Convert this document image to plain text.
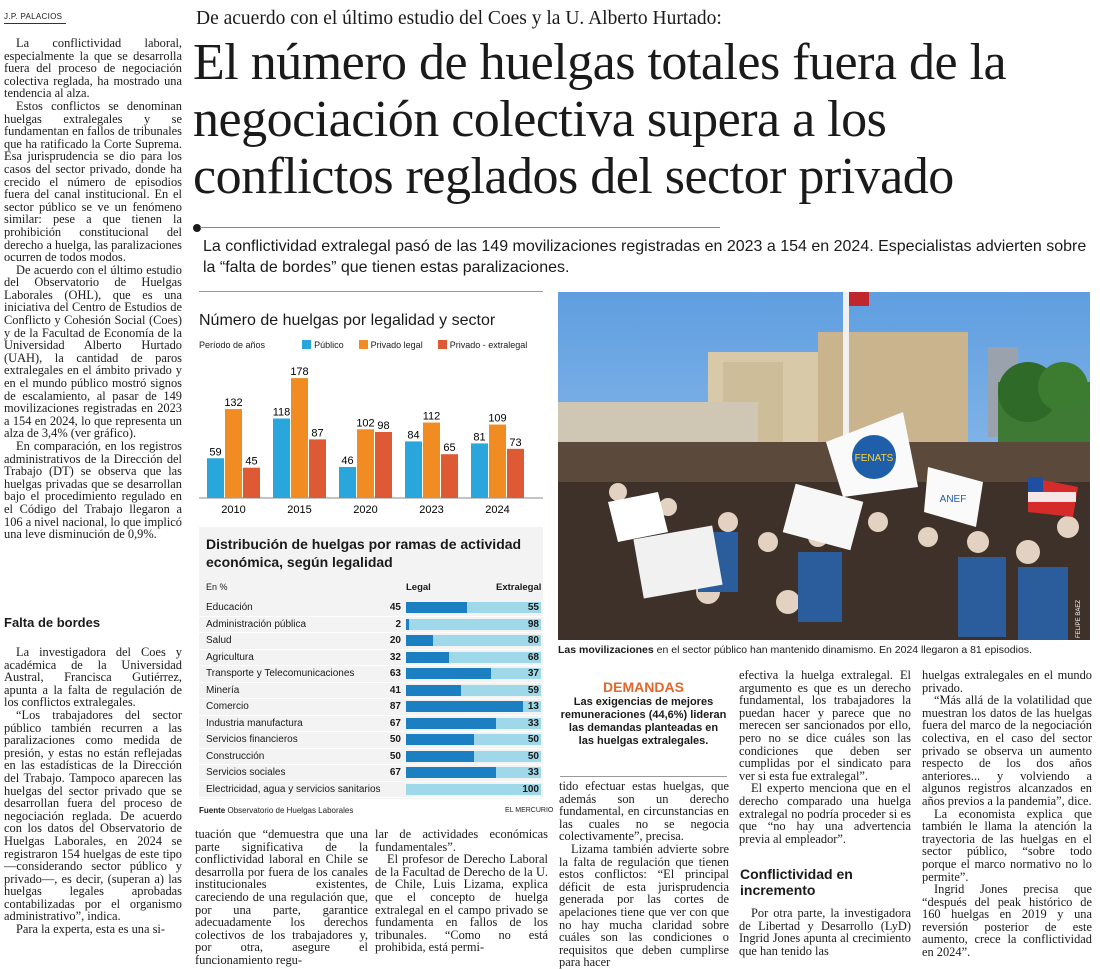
J.P. PALACIOS

La conflictividad laboral, especialmente la que se desarrolla fuera del proceso de negociación colectiva reglada, ha mostrado una tendencia al alza.

Estos conflictos se denominan huelgas extralegales y se fundamentan en fallos de tribunales que ha ratificado la Corte Suprema. Esa jurisprudencia se dio para los casos del sector privado, donde ha crecido el número de episodios fuera del canal institucional. En el sector público se ve un fenómeno similar: pese a que tienen la prohibición constitucional del derecho a huelga, las paralizaciones ocurren de todos modos.

De acuerdo con el último estudio del Observatorio de Huelgas Laborales (OHL), que es una iniciativa del Centro de Estudios de Conflicto y Cohesión Social (Coes) y de la Facultad de Economía de la Universidad Alberto Hurtado (UAH), la cantidad de paros extralegales en el ámbito privado y en el mundo público mostró signos de escalamiento, al pasar de 149 movilizaciones registradas en 2023 a 154 en 2024, lo que representa un alza de 3,4% (ver gráfico).

En comparación, en los registros administrativos de la Dirección del Trabajo (DT) se observa que las huelgas privadas que se desarrollan bajo el procedimiento regulado en el Código del Trabajo llegaron a 106 a nivel nacional, lo que implicó una leve disminución de 0,9%.

Falta de bordes

La investigadora del Coes y académica de la Universidad Austral, Francisca Gutiérrez, apunta a la falta de regulación de los conflictos extralegales.

“Los trabajadores del sector público también recurren a las paralizaciones como medida de presión, y estas no están reflejadas en las estadísticas de la Dirección del Trabajo. Tampoco aparecen las huelgas del sector privado que se desarrollan fuera del proceso de negociación reglada. De acuerdo con los datos del Observatorio de Huelgas Laborales, en 2024 se registraron 154 huelgas de este tipo —considerando sector público y privado—, es decir, (superan a) las huelgas legales aprobadas contabilizadas por el organismo administrativo”, indica.

Para la experta, esta es una si-

De acuerdo con el último estudio del Coes y la U. Alberto Hurtado:
El número de huelgas totales fuera de la negociación colectiva supera a los conflictos reglados del sector privado
La conflictividad extralegal pasó de las 149 movilizaciones registradas en 2023 a 154 en 2024. Especialistas advierten sobre la “falta de bordes” que tienen estas paralizaciones.
Número de huelgas por legalidad y sector
Período de años	Público	Privado legal	Privado - extralegal
59
132
45
2010
118
178
87
2015
46
102 98
2020
84
112
65
2023
81
109
73
2024
Distribución de huelgas por ramas de actividad económica, según legalidad
En %	Legal	Extralegal
Educación	45	55
Administración pública	2	98
Salud	20	80
Agricultura	32	68
Transporte y Telecomunicaciones	63	37
Minería	41	59
Comercio	87	13
Industria manufactura	67	33
Servicios financieros	50	50
Construcción	50	50
Servicios sociales	67	33
Electricidad, agua y servicios sanitarios	100
Fuente Observatorio de Huelgas Laborales	EL MERCURIO
FENATS
ANEF
FELIPE BAEZ
Las movilizaciones en el sector público han mantenido dinamismo. En 2024 llegaron a 81 episodios.
DEMANDAS
Las exigencias de mejores remuneraciones (44,6%) lideran las demandas planteadas en las huelgas extralegales.

tuación que “demuestra que una parte significativa de la conflictividad laboral en Chile se desarrolla por fuera de los canales institucionales existentes, careciendo de una regulación que, por una parte, garantice adecuadamente los derechos colectivos de los trabajadores y, por otra, asegure el funcionamiento regu-

lar de actividades económicas fundamentales”.

El profesor de Derecho Laboral de la Facultad de Derecho de la U. de Chile, Luis Lizama, explica que el concepto de huelga extralegal en el campo privado se fundamenta en fallos de los tribunales. “Como no está prohibida, está permi-

tido efectuar estas huelgas, que además son un derecho fundamental, en circunstancias en las cuales no se negocia colectivamente”, precisa.

Lizama también advierte sobre la falta de regulación que tienen estos conflictos: “El principal déficit de esta jurisprudencia generada por las cortes de apelaciones tiene que ver con que no hay mucha claridad sobre cuáles son las condiciones o requisitos que deben cumplirse para hacer

efectiva la huelga extralegal. El argumento es que es un derecho fundamental, los trabajadores la puedan hacer y parece que no merecen ser sancionados por ello, pero no se dice cuáles son las condiciones que deben ser cumplidas por el sindicato para ver si esta fue extralegal”.

El experto menciona que en el derecho comparado una huelga extralegal no podría proceder si es que “no hay una advertencia previa al empleador”.

Conflictividad en incremento

Por otra parte, la investigadora de Libertad y Desarrollo (LyD) Ingrid Jones apunta al crecimiento que han tenido las

huelgas extralegales en el mundo privado.

“Más allá de la volatilidad que muestran los datos de las huelgas fuera del marco de la negociación colectiva, en el caso del sector privado se observa un aumento respecto de los dos años anteriores... y volviendo a algunos registros alcanzados en años previos a la pandemia”, dice.

La economista explica que también le llama la atención la trayectoria de las huelgas en el sector público, “sobre todo porque el marco normativo no lo permite”.

Ingrid Jones precisa que “después del peak histórico de 160 huelgas en 2019 y una reversión posterior de este aumento, crece la conflictividad en 2024”.
